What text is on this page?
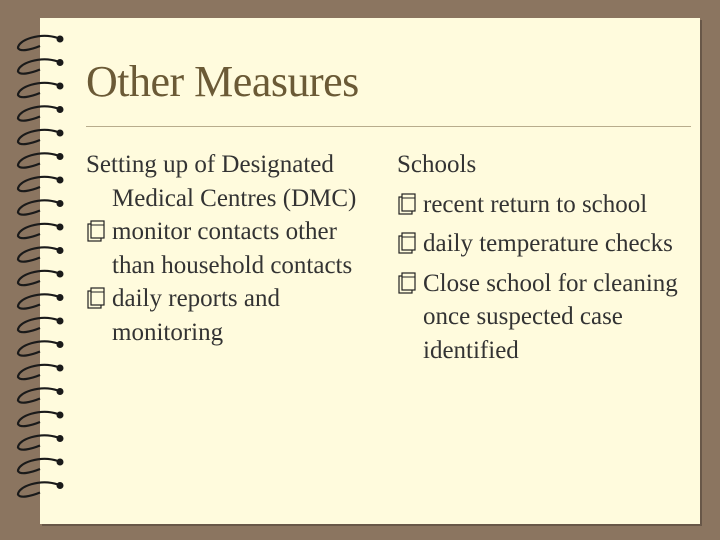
Other Measures
Setting up of Designated Medical Centres (DMC)
monitor contacts other than household contacts
daily reports and monitoring
Schools
recent return to school
daily temperature checks
Close school for cleaning once suspected case identified
